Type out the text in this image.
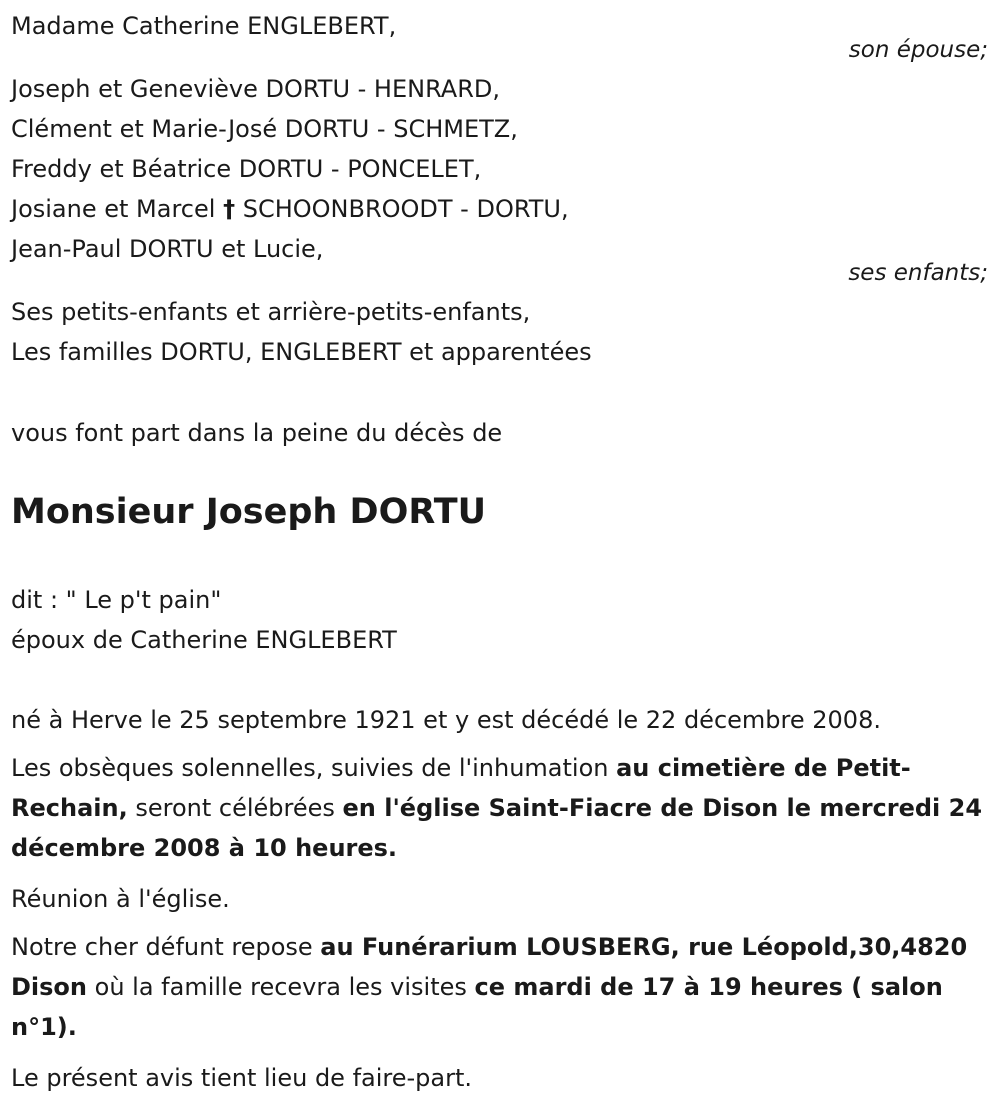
Madame Catherine ENGLEBERT,
son épouse;
Joseph et Geneviève DORTU - HENRARD,
Clément et Marie-José DORTU - SCHMETZ,
Freddy et Béatrice DORTU - PONCELET,
Josiane et Marcel † SCHOONBROODT - DORTU,
Jean-Paul DORTU et Lucie,
ses enfants;
Ses petits-enfants et arrière-petits-enfants,
Les familles DORTU, ENGLEBERT et apparentées
vous font part dans la peine du décès de
Monsieur Joseph DORTU
dit : " Le p't pain"
époux de Catherine ENGLEBERT
né à Herve le 25 septembre 1921 et y est décédé le 22 décembre 2008.
Les obsèques solennelles, suivies de l'inhumation au cimetière de Petit-Rechain, seront célébrées en l'église Saint-Fiacre de Dison le mercredi 24 décembre 2008 à 10 heures.
Réunion à l'église.
Notre cher défunt repose au Funérarium LOUSBERG, rue Léopold,30,4820 Dison où la famille recevra les visites ce mardi de 17 à 19 heures ( salon n°1).
Le présent avis tient lieu de faire-part.
